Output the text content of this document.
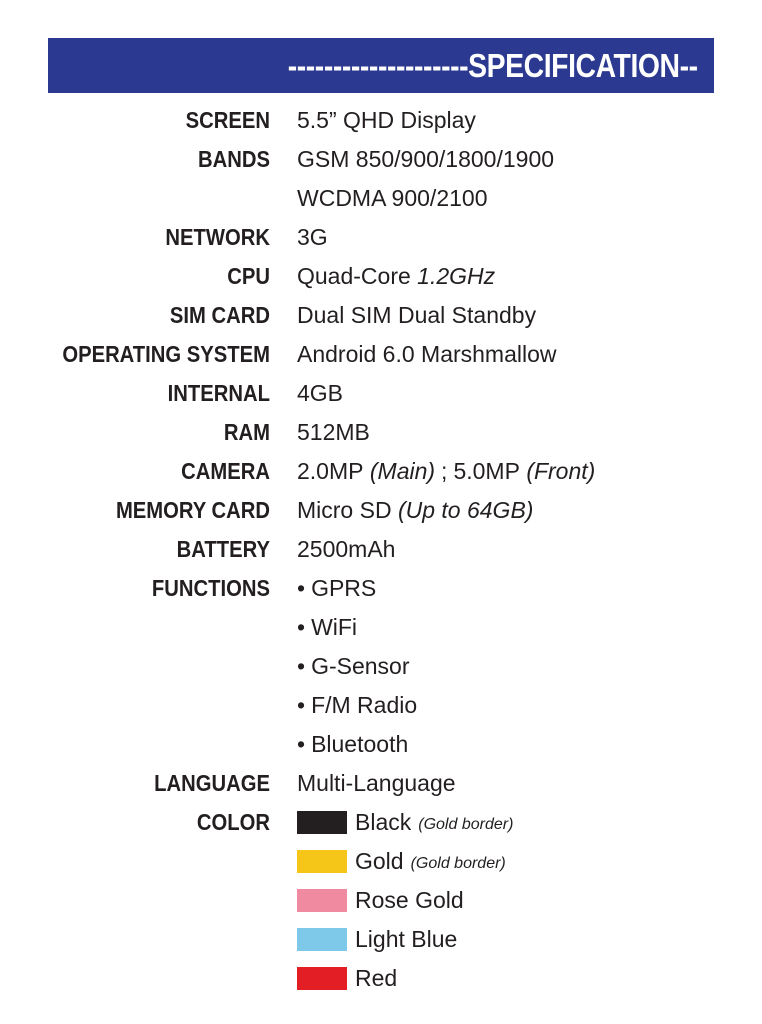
--------------------SPECIFICATION--
SCREEN 5.5” QHD Display
BANDS GSM 850/900/1800/1900
WCDMA 900/2100
NETWORK 3G
CPU Quad-Core
1.2GHz
SIM CARD Dual SIM Dual Standby
OPERATING SYSTEM Android 6.0 Marshmallow
INTERNAL 4GB
RAM 512MB
CAMERA 2.0MP
(Main) ; 5.0MP
(Front)
MEMORY CARD Micro SD
(Up to 64GB)
BATTERY 2500mAh
FUNCTIONS • GPRS
• WiFi
• G-Sensor
• F/M Radio
• Bluetooth
LANGUAGE Multi-Language
COLOR	Black (Gold border)
Gold (Gold border)
Rose Gold
Light Blue
Red
